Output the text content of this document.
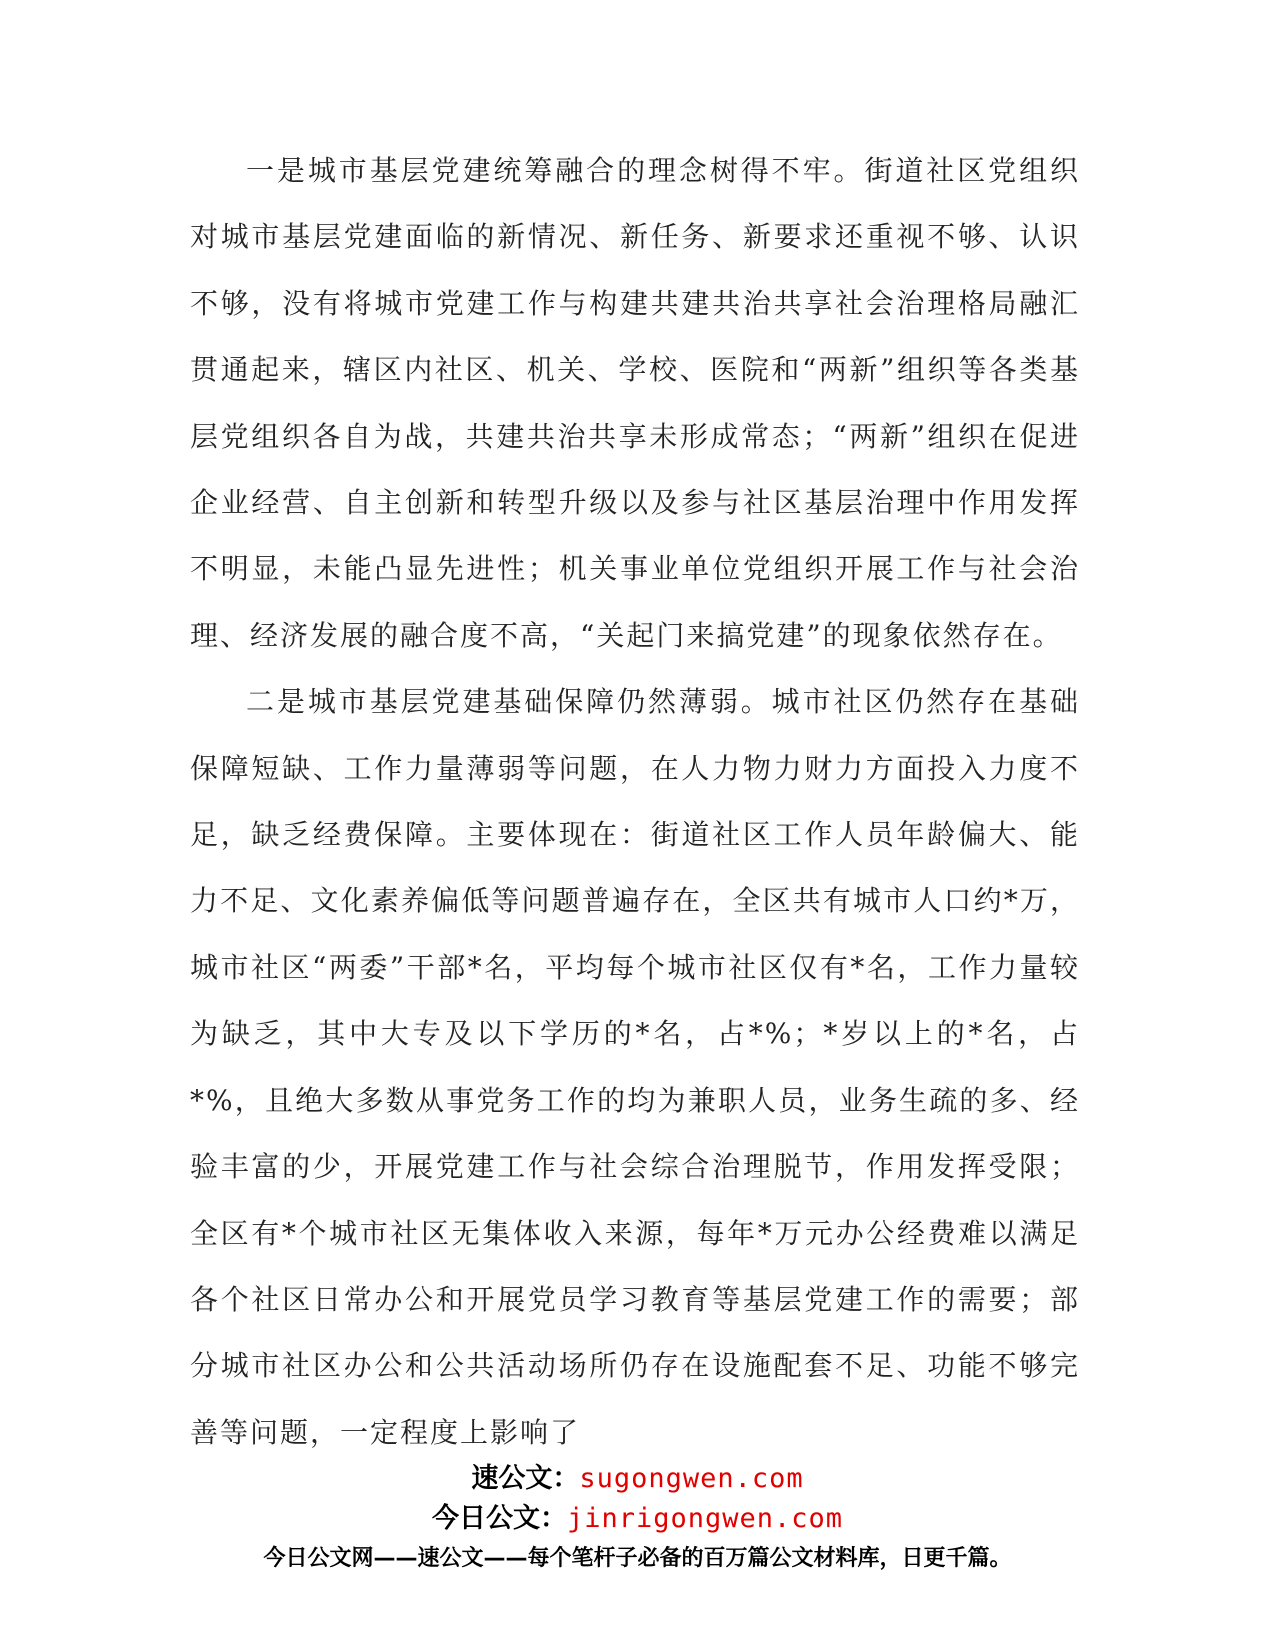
一是城市基层党建统筹融合的理念树得不牢。街道社区党组织对城市基层党建面临的新情况、新任务、新要求还重视不够、认识不够，没有将城市党建工作与构建共建共治共享社会治理格局融汇贯通起来，辖区内社区、机关、学校、医院和“两新”组织等各类基层党组织各自为战，共建共治共享未形成常态；“两新”组织在促进企业经营、自主创新和转型升级以及参与社区基层治理中作用发挥不明显，未能凸显先进性；机关事业单位党组织开展工作与社会治理、经济发展的融合度不高，“关起门来搞党建”的现象依然存在。

二是城市基层党建基础保障仍然薄弱。城市社区仍然存在基础保障短缺、工作力量薄弱等问题，在人力物力财力方面投入力度不足，缺乏经费保障。主要体现在：街道社区工作人员年龄偏大、能力不足、文化素养偏低等问题普遍存在，全区共有城市人口约*万，城市社区“两委”干部*名，平均每个城市社区仅有*名，工作力量较为缺乏，其中大专及以下学历的*名，占*%；*岁以上的*名，占*%，且绝大多数从事党务工作的均为兼职人员，业务生疏的多、经验丰富的少，开展党建工作与社会综合治理脱节，作用发挥受限；全区有*个城市社区无集体收入来源，每年*万元办公经费难以满足各个社区日常办公和开展党员学习教育等基层党建工作的需要；部分城市社区办公和公共活动场所仍存在设施配套不足、功能不够完善等问题，一定程度上影响了

速公文：sugongwen.com
今日公文：jinrigongwen.com
今日公文网——速公文——每个笔杆子必备的百万篇公文材料库，日更千篇。
